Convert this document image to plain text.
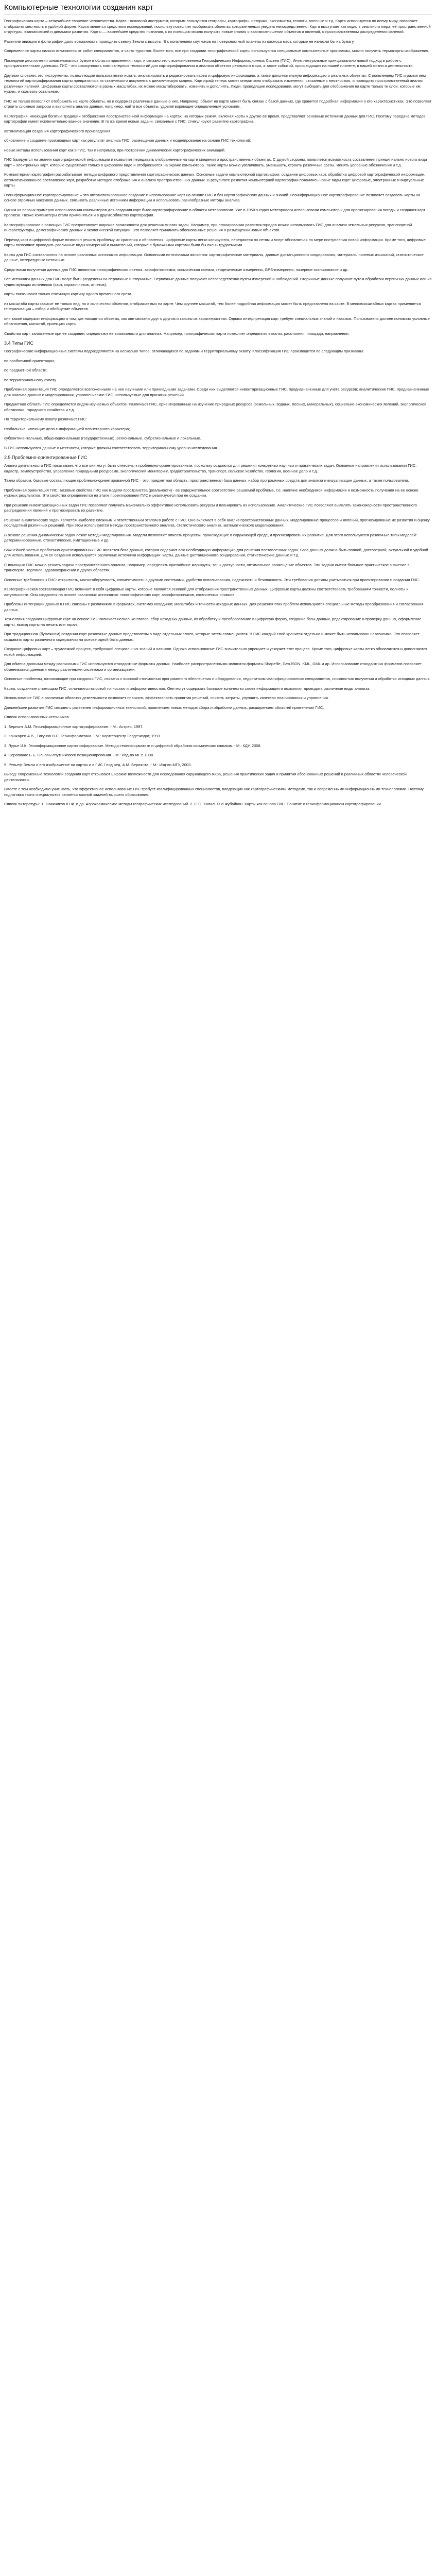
Компьютерные технологии создания карт

Географическая карта – величайшее творение человечества. Карта - основной инструмент, которым пользуются географы, картографы, историки, экономисты, геологи, военные и т.д. Карта используется по всему миру, позволяет отобразить местность в удобной форме. Карта является средством исследований, поскольку позволяет изображать объекты, которые нельзя увидеть непосредственно. Карта выступает как модель реального мира, её пространственной структуры, взаимосвязей и динамики развития. Карты — важнейшее средство познания, с их помощью можно получить новые знания о взаимоотношении объектов и явлений, о пространственном распределении явлений.

Развитие авиации и фотографии дало возможность проводить съемку Земли с высоты. В с появлением спутников на поверхностный планеты из космоса мест, которые не нанесли бы на бумагу.

Современные карты сильно отличаются от работ специалистов, а часто туристов. Более того, все при создании топографической карты используются специальные компьютерные программы, можно получить термокарты изображения.

Последние десятилетия ознаменовались бумом в области применения карт, и связано это с возникновением Географических Информационных Систем (ГИС). Интеллектуальные принципиально новый подход в работе с пространственными данными. ГИС - это совокупность компьютерных технологий для картографирования и анализа объектов реального мира, а также событий, происходящих на нашей планете, в нашей жизни и деятельности.

Другими словами, это инструменты, позволяющие пользователям искать, анализировать и редактировать карты и цифровую информацию, а также дополнительную информацию о реальных объектах. С появлением ГИС и развитием технологий картографирования карты превратились из статического документа в динамическую модель. Картограф теперь может оперативно отображать изменения, связанные с местностью, и проводить пространственный анализ различных явлений. Цифровые карты составляются в разных масштабах, их можно масштабировать, изменять и дополнять. Люди, проводящие исследования, могут выбирать для отображения на карте только те слои, которые им нужны, и скрывать остальные.

ГИС не только позволяют отображать на карте объекты, но и содержат различные данные о них. Например, объект на карте может быть связан с базой данных, где хранится подробная информация о его характеристиках. Это позволяет строить сложные запросы и выполнять анализ данных, например, найти все объекты, удовлетворяющие определенным условиям.

Картография, имеющая богатые традиции отображения пространственной информации на картах, на которых режим, включая карты и другие ее время, представляет основные источники данных для ГИС. Поэтому передача методов картографии имеет исключительно важное значение. В то же время новые задачи, связанные с ГИС, стимулируют развитие картографии.

автоматизация создания картографического произведения;

обновление и создание производных карт как результат анализа ГИС, размещение данных и моделирование на основе ГИС технологий;

новые методы использования карт как в ГИС, так и например, при построении динамических картографических анимаций.

ГИС базируется на знании картографической информации и позволяет передавать отображенные на карте сведения о пространственных объектах. С другой стороны, появляется возможность составления принципиально нового вида карт – электронных карт, которые существуют только в цифровом виде и отображаются на экране компьютера. Такие карты можно увеличивать, уменьшать, строить различные срезы, менять условные обозначения и т.д.

Компьютерная картография разрабатывает методы цифрового представления картографических данных. Основные задачи компьютерной картографии: создание цифровых карт, обработка цифровой картографической информации, автоматизированное составление карт, разработка методов отображения и анализа пространственных данных. В результате развития компьютерной картографии появились новые виды карт: цифровые, электронные и виртуальные карты.

Геоинформационное картографирование – это автоматизированное создание и использование карт на основе ГИС и баз картографических данных и знаний. Геоинформационное картографирование позволяет создавать карты на основе огромных массивов данных, связывать различные источники информации и использовать разнообразные методы анализа.

Одним из первых примеров использования компьютеров для создания карт было картографирование в области метеорологии. Уже в 1950-х годах метеорологи использовали компьютеры для прогнозирования погоды и создания карт прогноза. Позже компьютеры стали применяться и в других областях картографии.

Картографирование с помощью ГИС предоставляет широкие возможности для решения многих задач. Например, при планировании развития городов можно использовать ГИС для анализа земельных ресурсов, транспортной инфраструктуры, демографических данных и экологической ситуации. Это позволяет принимать обоснованные решения о размещении новых объектов.

Переход карт в цифровой форме позволил решить проблему их хранения и обновления. Цифровые карты легко копируются, передаются по сетям и могут обновляться по мере поступления новой информации. Кроме того, цифровые карты позволяют проводить различные виды измерений и вычислений, которые с бумажными картами были бы очень трудоемкими.

Карты для ГИС составляются на основе различных источников информации. Основными источниками являются: картографические материалы, данные дистанционного зондирования, материалы полевых изысканий, статистические данные, литературные источники.

Средствами получения данных для ГИС являются: топографическая съемка, аэрофотосъемка, космическая съемка, геодезические измерения, GPS-измерения, лазерное сканирование и др.

Все источники данных для ГИС могут быть разделены на первичные и вторичные. Первичные данные получают непосредственно путем измерений и наблюдений. Вторичные данные получают путем обработки первичных данных или из существующих источников (карт, справочников, отчетов).

карты показывают только статичную картину одного временного среза.

из масштаба карты зависит не только вид, но и количество объектов, отображаемых на карте. Чем крупнее масштаб, тем более подробная информация может быть представлена на карте. В мелкомасштабных картах применяется генерализация – отбор и обобщение объектов.

они также содержат информацию о том, где находятся объекты, как они связаны друг с другом и каковы их характеристики. Однако интерпретация карт требует специальных знаний и навыков. Пользователь должен понимать условные обозначения, масштаб, проекцию карты.

Свойства карт, заложенные при ее создании, определяют ее возможности для анализа. Например, топографическая карта позволяет определять высоты, расстояния, площади, направления.

3.4 Типы ГИС

Географические информационные системы подразделяются на несколько типов, отличающихся по задачам и территориальному охвату. Классификация ГИС производится по следующим признакам:

по проблемной ориентации;

по предметной области;

по территориальному охвату.

Проблемная ориентация ГИС определяется возложенными на нее научными или прикладными задачами. Среди них выделяются инвентаризационные ГИС, предназначенные для учета ресурсов; аналитические ГИС, предназначенные для анализа данных и моделирования; управленческие ГИС, используемые для принятия решений.

Предметная область ГИС определяется видом изучаемых объектов. Различают ГИС, ориентированные на изучение природных ресурсов (земельных, водных, лесных, минеральных), социально-экономических явлений, экологической обстановки, городского хозяйства и т.д.

По территориальному охвату различают ГИС:

глобальные, имеющие дело с информацией планетарного характера;

субконтинентальные, общенациональные (государственные), региональные, субрегиональные и локальные.

В ГИС используются данные о местности, которые должны соответствовать территориальному уровню исследования.

2.5.Проблемно-ориентированные ГИС

Анализ деятельности ГИС показывает, что все они могут быть отнесены к проблемно-ориентированным, поскольку создаются для решения конкретных научных и практических задач. Основные направления использования ГИС: кадастр, землеустройство, управление природными ресурсами, экологический мониторинг, градостроительство, транспорт, сельское хозяйство, геология, военное дело и т.д.

Таким образом, базовые составляющие проблемно-ориентированной ГИС – это: предметная область, пространственная база данных, набор программных средств для анализа и визуализации данных, а также пользователи.

Проблемная ориентация ГИС. Базовые свойства ГИС как модели пространства (реальности) - ее содержательное соответствие решаемой проблеме, т.е. наличие необходимой информации и возможность получения на ее основе нужных результатов. Эти свойства определяются на этапе проектирования ГИС и реализуются при ее создании.

При решении инвентаризационных задач ГИС позволяют получать максимально эффективно использовать ресурсы и планировать их использование. Аналитические ГИС позволяют выявлять закономерности пространственного распределения явлений и прогнозировать их развитие.

Решение аналитических задач является наиболее сложным и ответственным этапом в работе с ГИС. Оно включает в себя анализ пространственных данных, моделирование процессов и явлений, прогнозирование их развития и оценку последствий различных решений. При этом используются методы пространственного анализа, статистического анализа, математического моделирования.

В основе решения динамических задач лежат методы моделирования. Модели позволяют описать процессы, происходящие в окружающей среде, и прогнозировать их развитие. Для этого используются различные типы моделей: детерминированные, стохастические, имитационные и др.

Важнейшей частью проблемно-ориентированных ГИС является база данных, которая содержит всю необходимую информацию для решения поставленных задач. База данных должна быть полной, достоверной, актуальной и удобной для использования. Для ее создания используются различные источники информации: карты, данные дистанционного зондирования, статистические данные и т.д.

С помощью ГИС можно решать задачи пространственного анализа, например, определять кратчайшие маршруты, зоны доступности, оптимальное размещение объектов. Эти задачи имеют большое практическое значение в транспорте, торговле, здравоохранении и других областях.

Основные требования к ГИС: открытость, масштабируемость, совместимость с другими системами, удобство использования, надежность и безопасность. Эти требования должны учитываться при проектировании и создании ГИС.

Картографическая составляющая ГИС включает в себя цифровые карты, которые являются основой для отображения пространственных данных. Цифровые карты должны соответствовать требованиям точности, полноты и актуальности. Они создаются на основе различных источников: топографических карт, аэрофотоснимков, космических снимков.

Проблемы интеграции данных в ГИС связаны с различиями в форматах, системах координат, масштабах и точности исходных данных. Для решения этих проблем используются специальные методы преобразования и согласования данных.

Технология создания цифровых карт на основе ГИС включает несколько этапов: сбор исходных данных, их обработку и преобразование в цифровую форму, создание базы данных, редактирование и проверку данных, оформление карты, вывод карты на печать или экран.

При традиционном (бумажном) создании карт различные данные представлены в виде отдельных слоев, которые затем совмещаются. В ГИС каждый слой хранится отдельно и может быть использован независимо. Это позволяет создавать карты различного содержания на основе одной базы данных.

Создание цифровых карт – трудоемкий процесс, требующий специальных знаний и навыков. Однако использование ГИС значительно упрощает и ускоряет этот процесс. Кроме того, цифровые карты легко обновляются и дополняются новой информацией.

Для обмена данными между различными ГИС используются стандартные форматы данных. Наиболее распространенными являются форматы Shapefile, GeoJSON, KML, GML и др. Использование стандартных форматов позволяет обмениваться данными между различными системами и организациями.

Основные проблемы, возникающие при создании ГИС, связаны с высокой стоимостью программного обеспечения и оборудования, недостатком квалифицированных специалистов, сложностью получения и обработки исходных данных.

Карты, созданные с помощью ГИС, отличаются высокой точностью и информативностью. Они могут содержать большое количество слоев информации и позволяют проводить различные виды анализа.

Использование ГИС в различных областях деятельности позволяет повысить эффективность принятия решений, снизить затраты, улучшить качество планирования и управления.

Дальнейшее развитие ГИС связано с развитием информационных технологий, появлением новых методов сбора и обработки данных, расширением областей применения ГИС.

Список использованных источников

1. Берлянт А.М. Геоинформационное картографирование. - М.: Астрея, 1997.

2. Кошкарев А.В., Тикунов В.С. Геоинформатика. - М.: Картгеоцентр-Геодезиздат, 1993.

3. Лурье И.К. Геоинформационное картографирование. Методы геоинформатики и цифровой обработки космических снимков. - М.: КДУ, 2008.

4. Серапинас Б.Б. Основы спутникового позиционирования. - М.: Изд-во МГУ, 1998.

5. Рельеф Земли и его изображение на картах и в ГИС / под ред. А.М. Берлянта. - М.: Изд-во МГУ, 2003.

Вывод: современные технологии создания карт открывают широкие возможности для исследования окружающего мира, решения практических задач и принятия обоснованных решений в различных областях человеческой деятельности.

Вместе с тем необходимо учитывать, что эффективное использование ГИС требует квалифицированных специалистов, владеющих как картографическими методами, так и современными информационными технологиями. Поэтому подготовка таких специалистов является важной задачей высшего образования.

Список литературы: 1. Книжников Ю.Ф. и др. Аэрокосмические методы географических исследований. 2. С.С. Халил. О.И Фубайнин. Карты как основа ГИС. Понятие о геоинформационном картографировании.
